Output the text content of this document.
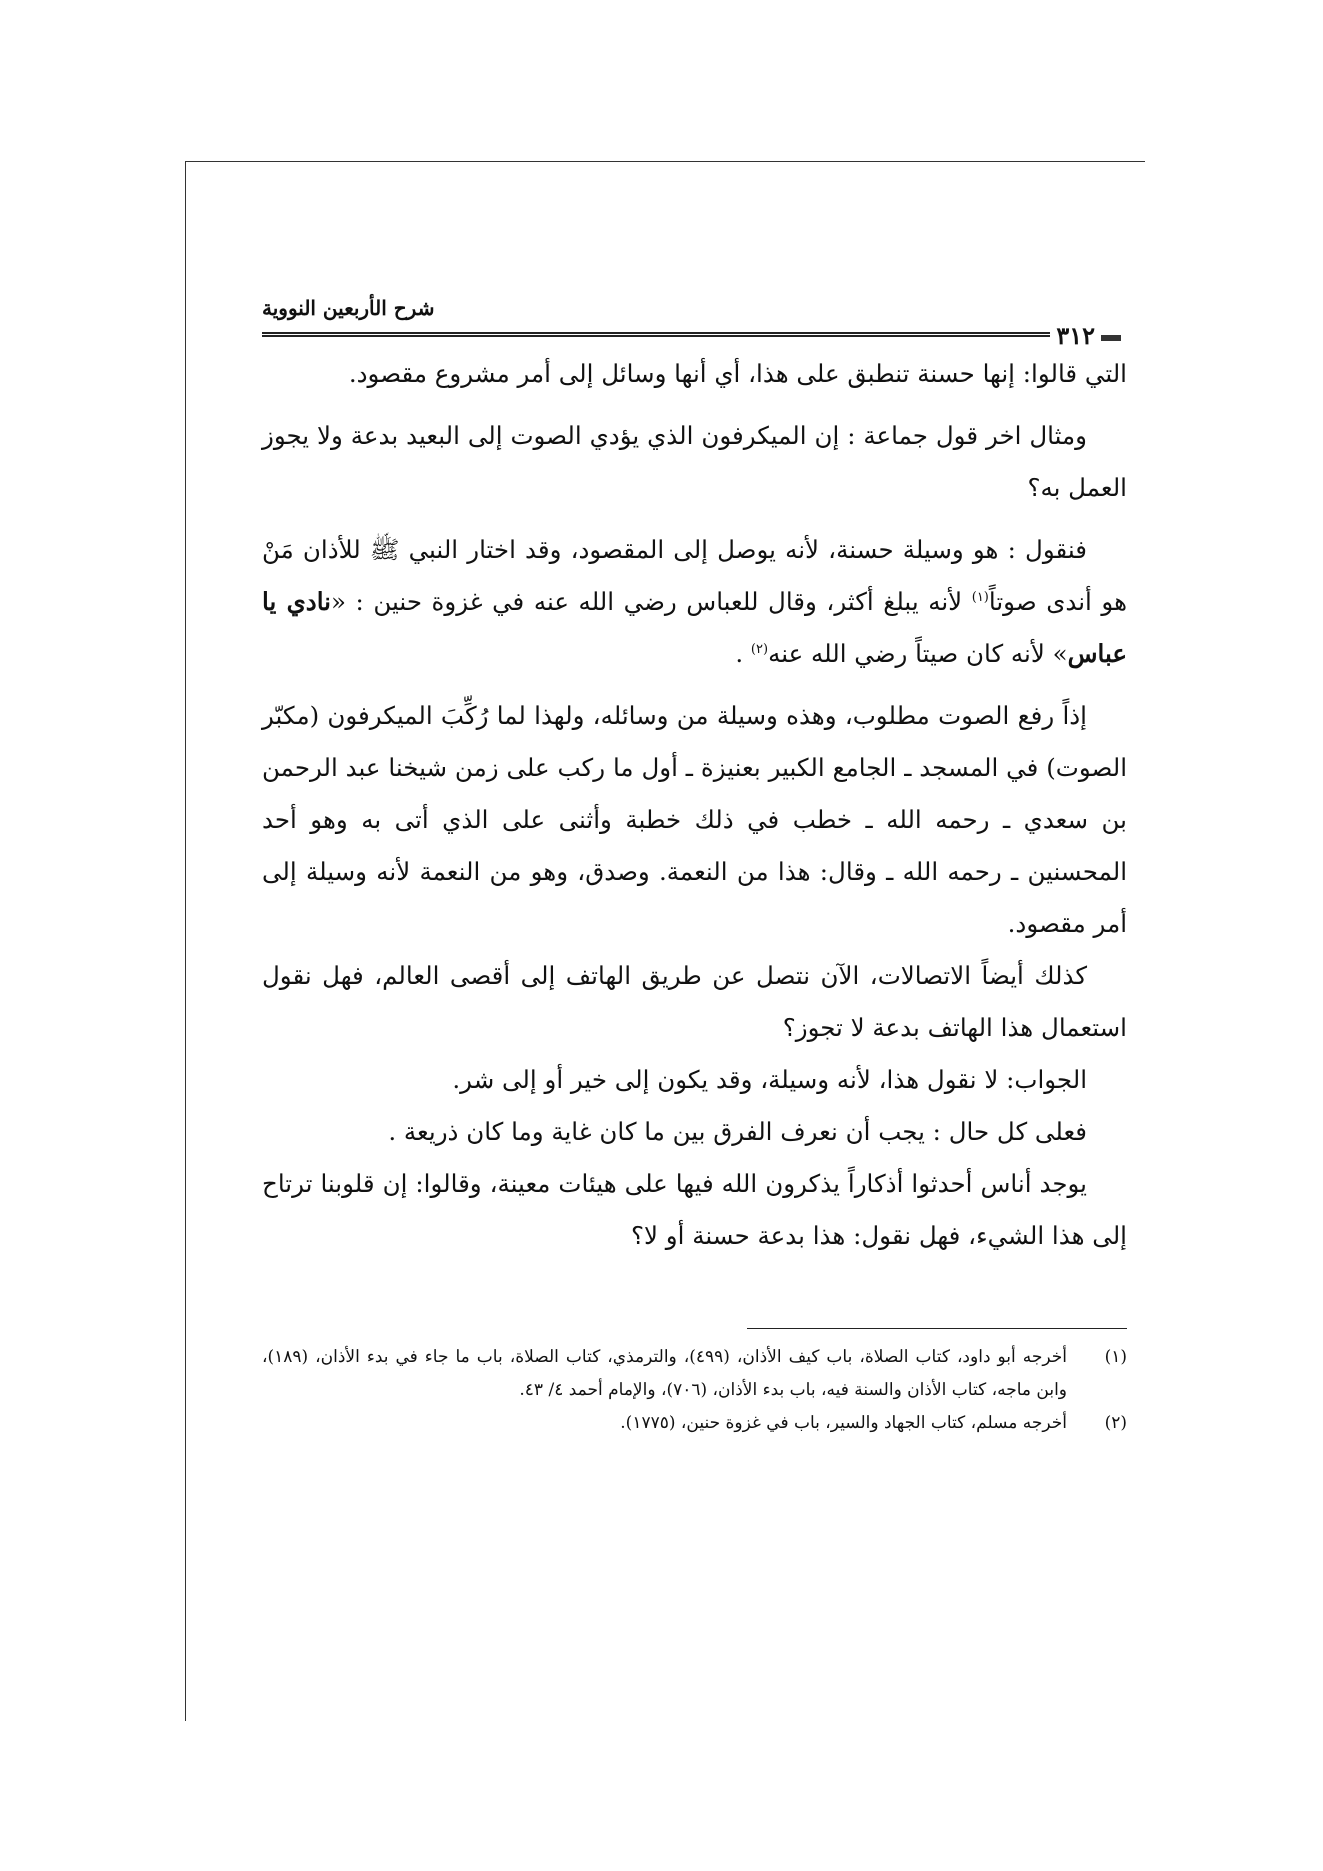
٣١٢
شرح الأربعين النووية

التي قالوا: إنها حسنة تنطبق على هذا، أي أنها وسائل إلى أمر مشروع مقصود.

ومثال اخر قول جماعة : إن الميكرفون الذي يؤدي الصوت إلى البعيد بدعة ولا يجوز العمل به؟

فنقول : هو وسيلة حسنة، لأنه يوصل إلى المقصود، وقد اختار النبي ﷺ للأذان مَنْ هو أندى صوتاً$^{(١)}$ لأنه يبلغ أكثر، وقال للعباس رضي الله عنه في غزوة حنين : «نادي يا عباس» لأنه كان صيتاً رضي الله عنه$^{(٢)}$ .

إذاً رفع الصوت مطلوب، وهذه وسيلة من وسائله، ولهذا لما رُكِّبَ الميكرفون (مكبّر الصوت) في المسجد ـ الجامع الكبير بعنيزة ـ أول ما ركب على زمن شيخنا عبد الرحمن بن سعدي ـ رحمه الله ـ خطب في ذلك خطبة وأثنى على الذي أتى به وهو أحد المحسنين ـ رحمه الله ـ وقال: هذا من النعمة. وصدق، وهو من النعمة لأنه وسيلة إلى أمر مقصود.

كذلك أيضاً الاتصالات، الآن نتصل عن طريق الهاتف إلى أقصى العالم، فهل نقول استعمال هذا الهاتف بدعة لا تجوز؟

الجواب: لا نقول هذا، لأنه وسيلة، وقد يكون إلى خير أو إلى شر.

فعلى كل حال : يجب أن نعرف الفرق بين ما كان غاية وما كان ذريعة .

يوجد أناس أحدثوا أذكاراً يذكرون الله فيها على هيئات معينة، وقالوا: إن قلوبنا ترتاح إلى هذا الشيء، فهل نقول: هذا بدعة حسنة أو لا؟

(١)
أخرجه أبو داود، كتاب الصلاة، باب كيف الأذان، (٤٩٩)، والترمذي، كتاب الصلاة، باب ما جاء في بدء الأذان، (١٨٩)، وابن ماجه، كتاب الأذان والسنة فيه، باب بدء الأذان، (٧٠٦)، والإمام أحمد ٤/ ٤٣.

(٢)
أخرجه مسلم، كتاب الجهاد والسير، باب في غزوة حنين، (١٧٧٥).
